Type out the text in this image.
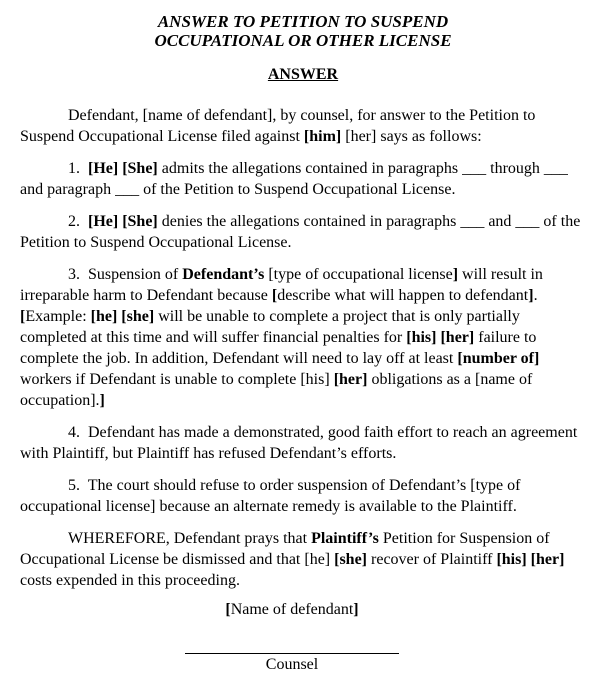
ANSWER TO PETITION TO SUSPEND
OCCUPATIONAL OR OTHER LICENSE
ANSWER

Defendant, [name of defendant], by counsel, for answer to the Petition to Suspend Occupational License filed against [him] [her] says as follows:

1.  [He] [She] admits the allegations contained in paragraphs ___ through ___ and paragraph ___ of the Petition to Suspend Occupational License.

2.  [He] [She] denies the allegations contained in paragraphs ___ and ___ of the Petition to Suspend Occupational License.

3.  Suspension of Defendant’s [type of occupational license] will result in irreparable harm to Defendant because [describe what will happen to defendant]. [Example: [he] [she] will be unable to complete a project that is only partially completed at this time and will suffer financial penalties for [his] [her] failure to complete the job. In addition, Defendant will need to lay off at least [number of] workers if Defendant is unable to complete [his] [her] obligations as a [name of occupation].]

4.  Defendant has made a demonstrated, good faith effort to reach an agreement with Plaintiff, but Plaintiff has refused Defendant’s efforts.

5.  The court should refuse to order suspension of Defendant’s [type of occupational license] because an alternate remedy is available to the Plaintiff.

WHEREFORE, Defendant prays that Plaintiff’s Petition for Suspension of Occupational License be dismissed and that [he] [she] recover of Plaintiff [his] [her] costs expended in this proceeding.

[Name of defendant]
Counsel
